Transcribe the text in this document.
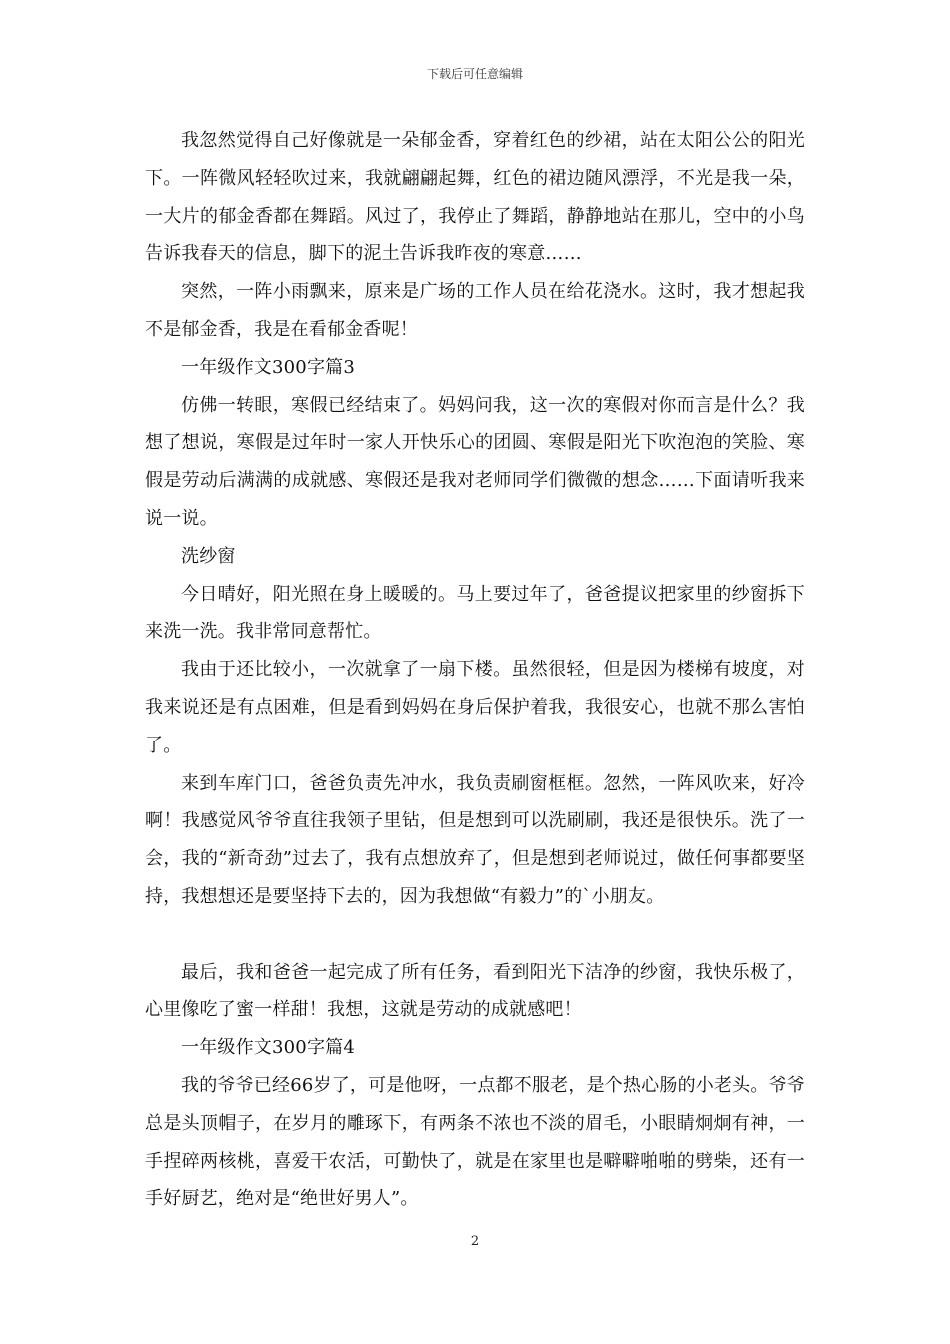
下载后可任意编辑

我忽然觉得自己好像就是一朵郁金香，穿着红色的纱裙，站在太阳公公的阳光下。一阵微风轻轻吹过来，我就翩翩起舞，红色的裙边随风漂浮，不光是我一朵，一大片的郁金香都在舞蹈。风过了，我停止了舞蹈，静静地站在那儿，空中的小鸟告诉我春天的信息，脚下的泥土告诉我昨夜的寒意……

突然，一阵小雨飘来，原来是广场的工作人员在给花浇水。这时，我才想起我不是郁金香，我是在看郁金香呢！

一年级作文300字篇3

仿佛一转眼，寒假已经结束了。妈妈问我，这一次的寒假对你而言是什么？我想了想说，寒假是过年时一家人开快乐心的团圆、寒假是阳光下吹泡泡的笑脸、寒假是劳动后满满的成就感、寒假还是我对老师同学们微微的想念……下面请听我来说一说。

洗纱窗

今日晴好，阳光照在身上暖暖的。马上要过年了，爸爸提议把家里的纱窗拆下来洗一洗。我非常同意帮忙。

我由于还比较小，一次就拿了一扇下楼。虽然很轻，但是因为楼梯有坡度，对我来说还是有点困难，但是看到妈妈在身后保护着我，我很安心，也就不那么害怕了。

来到车库门口，爸爸负责先冲水，我负责刷窗框框。忽然，一阵风吹来，好冷啊！我感觉风爷爷直往我领子里钻，但是想到可以洗刷刷，我还是很快乐。洗了一会，我的“新奇劲”过去了，我有点想放弃了，但是想到老师说过，做任何事都要坚持，我想想还是要坚持下去的，因为我想做“有毅力”的`小朋友。

最后，我和爸爸一起完成了所有任务，看到阳光下洁净的纱窗，我快乐极了，心里像吃了蜜一样甜！我想，这就是劳动的成就感吧！

一年级作文300字篇4

我的爷爷已经66岁了，可是他呀，一点都不服老，是个热心肠的小老头。爷爷总是头顶帽子，在岁月的雕琢下，有两条不浓也不淡的眉毛，小眼睛炯炯有神，一手捏碎两核桃，喜爱干农活，可勤快了，就是在家里也是噼噼啪啪的劈柴，还有一手好厨艺，绝对是“绝世好男人”。

2
